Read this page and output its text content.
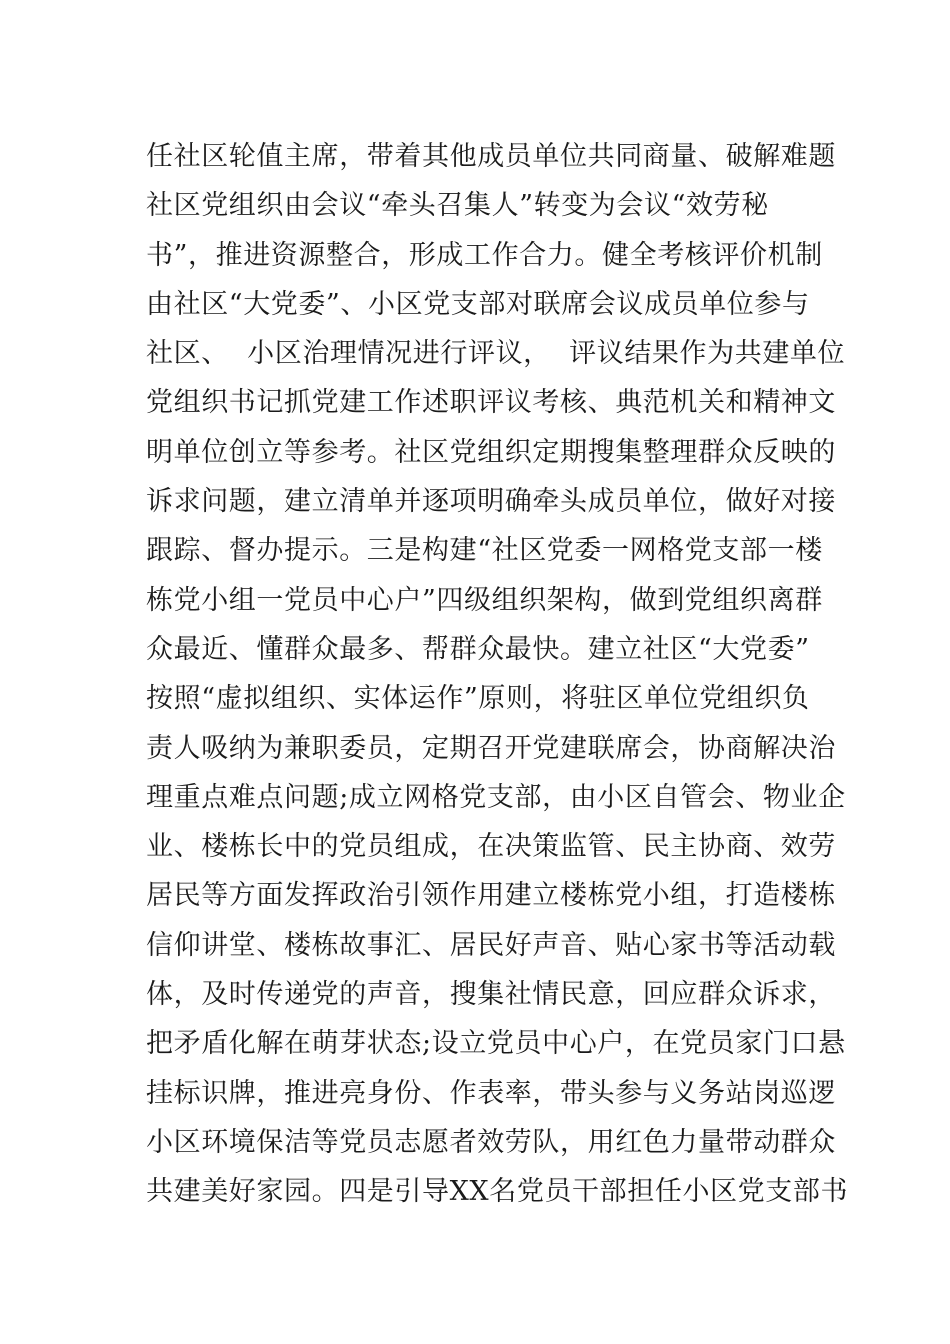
任社区轮值主席，带着其他成员单位共同商量、破解难题
社区党组织由会议“牵头召集人”转变为会议“效劳秘
书”，推进资源整合，形成工作合力。健全考核评价机制
由社区“大党委”、小区党支部对联席会议成员单位参与
社区、  小区治理情况进行评议，  评议结果作为共建单位
党组织书记抓党建工作述职评议考核、典范机关和精神文
明单位创立等参考。社区党组织定期搜集整理群众反映的
诉求问题，建立清单并逐项明确牵头成员单位，做好对接
跟踪、督办提示。三是构建“社区党委一网格党支部一楼
栋党小组一党员中心户”四级组织架构，做到党组织离群
众最近、懂群众最多、帮群众最快。建立社区“大党委”
按照“虚拟组织、实体运作”原则，将驻区单位党组织负
责人吸纳为兼职委员，定期召开党建联席会，协商解决治
理重点难点问题;成立网格党支部，由小区自管会、物业企
业、楼栋长中的党员组成，在决策监管、民主协商、效劳
居民等方面发挥政治引领作用建立楼栋党小组，打造楼栋
信仰讲堂、楼栋故事汇、居民好声音、贴心家书等活动载
体，及时传递党的声音，搜集社情民意，回应群众诉求，
把矛盾化解在萌芽状态;设立党员中心户，在党员家门口悬
挂标识牌，推进亮身份、作表率，带头参与义务站岗巡逻
小区环境保洁等党员志愿者效劳队，用红色力量带动群众
共建美好家园。四是引导XX名党员干部担任小区党支部书
